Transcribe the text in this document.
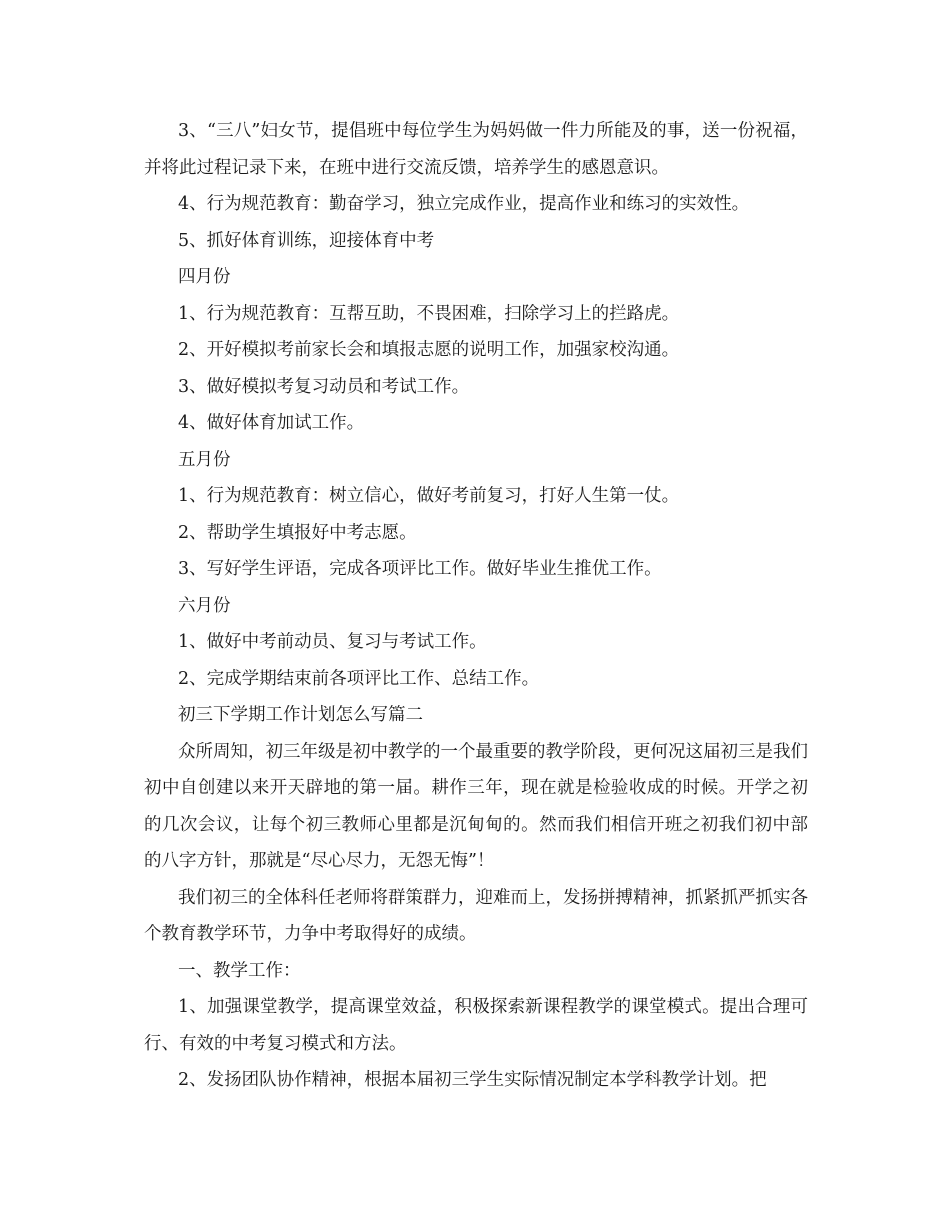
3、“三八”妇女节，提倡班中每位学生为妈妈做一件力所能及的事，送一份祝福，并将此过程记录下来，在班中进行交流反馈，培养学生的感恩意识。

4、行为规范教育：勤奋学习，独立完成作业，提高作业和练习的实效性。

5、抓好体育训练，迎接体育中考

四月份

1、行为规范教育：互帮互助，不畏困难，扫除学习上的拦路虎。

2、开好模拟考前家长会和填报志愿的说明工作，加强家校沟通。

3、做好模拟考复习动员和考试工作。

4、做好体育加试工作。

五月份

1、行为规范教育：树立信心，做好考前复习，打好人生第一仗。

2、帮助学生填报好中考志愿。

3、写好学生评语，完成各项评比工作。做好毕业生推优工作。

六月份

1、做好中考前动员、复习与考试工作。

2、完成学期结束前各项评比工作、总结工作。

初三下学期工作计划怎么写篇二

众所周知，初三年级是初中教学的一个最重要的教学阶段，更何况这届初三是我们初中自创建以来开天辟地的第一届。耕作三年，现在就是检验收成的时候。开学之初的几次会议，让每个初三教师心里都是沉甸甸的。然而我们相信开班之初我们初中部的八字方针，那就是“尽心尽力，无怨无悔”！

我们初三的全体科任老师将群策群力，迎难而上，发扬拼搏精神，抓紧抓严抓实各个教育教学环节，力争中考取得好的成绩。

一、教学工作：

1、加强课堂教学，提高课堂效益，积极探索新课程教学的课堂模式。提出合理可行、有效的中考复习模式和方法。

2、发扬团队协作精神，根据本届初三学生实际情况制定本学科教学计划。把
